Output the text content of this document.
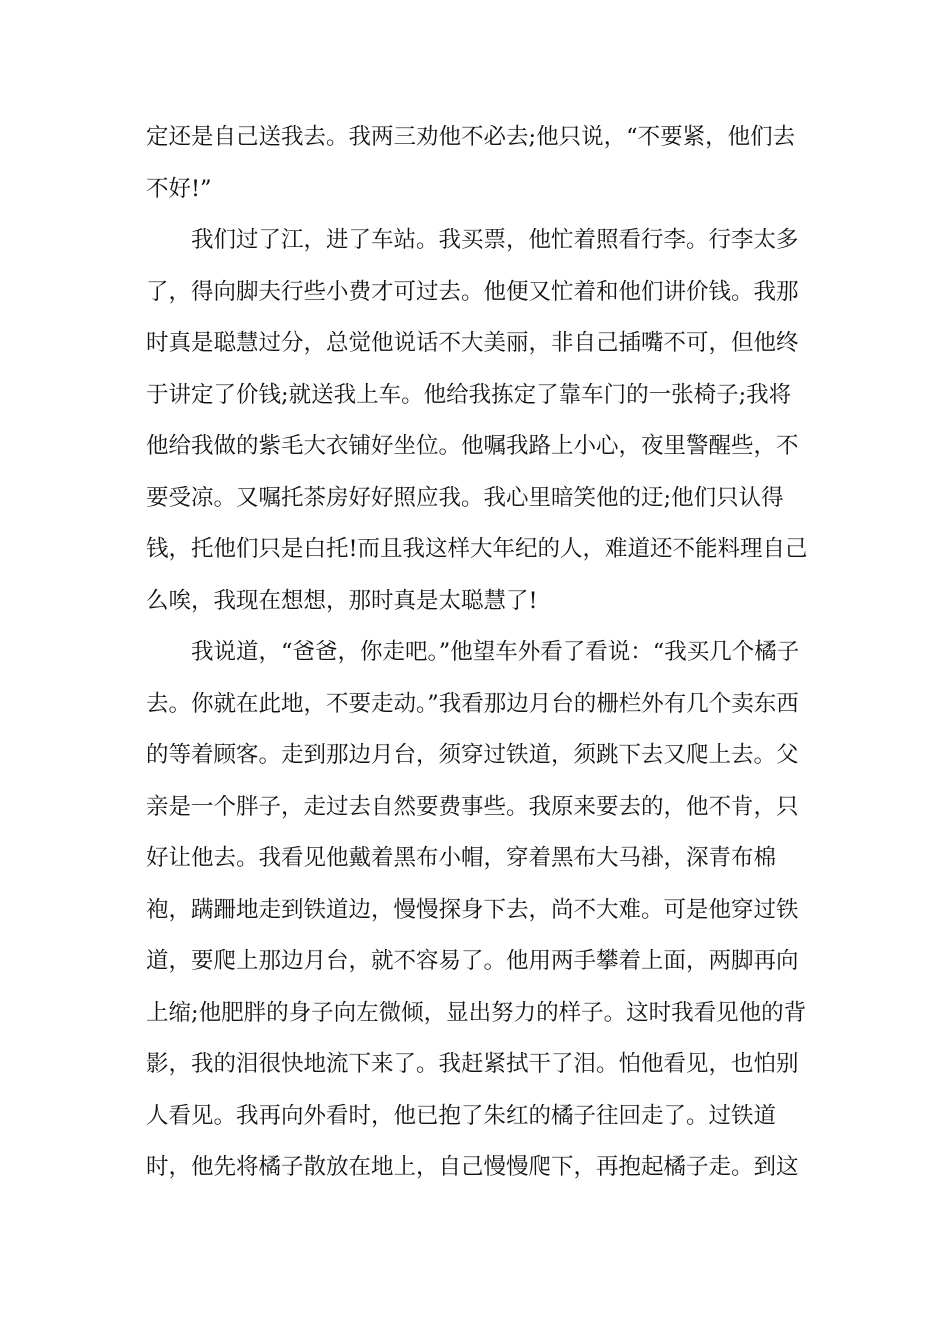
定还是自己送我去。我两三劝他不必去;他只说，“不要紧，他们去
不好!”
我们过了江，进了车站。我买票，他忙着照看行李。行李太多
了，得向脚夫行些小费才可过去。他便又忙着和他们讲价钱。我那
时真是聪慧过分，总觉他说话不大美丽，非自己插嘴不可，但他终
于讲定了价钱;就送我上车。他给我拣定了靠车门的一张椅子;我将
他给我做的紫毛大衣铺好坐位。他嘱我路上小心，夜里警醒些，不
要受凉。又嘱托茶房好好照应我。我心里暗笑他的迂;他们只认得
钱，托他们只是白托!而且我这样大年纪的人，难道还不能料理自己
么唉，我现在想想，那时真是太聪慧了!
我说道，“爸爸，你走吧。”他望车外看了看说：“我买几个橘子
去。你就在此地，不要走动。”我看那边月台的栅栏外有几个卖东西
的等着顾客。走到那边月台，须穿过铁道，须跳下去又爬上去。父
亲是一个胖子，走过去自然要费事些。我原来要去的，他不肯，只
好让他去。我看见他戴着黑布小帽，穿着黑布大马褂，深青布棉
袍，蹒跚地走到铁道边，慢慢探身下去，尚不大难。可是他穿过铁
道，要爬上那边月台，就不容易了。他用两手攀着上面，两脚再向
上缩;他肥胖的身子向左微倾，显出努力的样子。这时我看见他的背
影，我的泪很快地流下来了。我赶紧拭干了泪。怕他看见，也怕别
人看见。我再向外看时，他已抱了朱红的橘子往回走了。过铁道
时，他先将橘子散放在地上，自己慢慢爬下，再抱起橘子走。到这
